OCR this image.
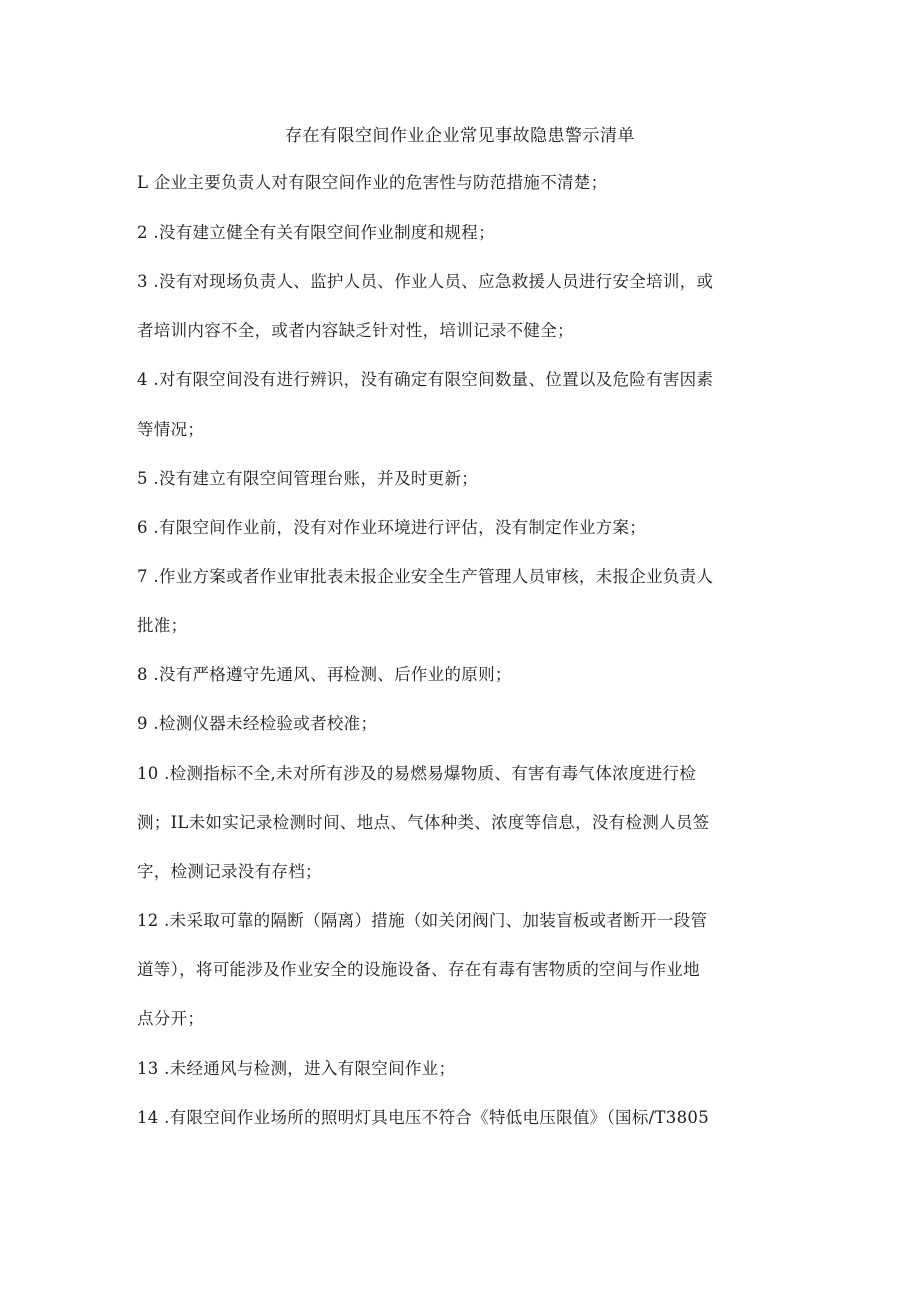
存在有限空间作业企业常见事故隐患警示清单
L 企业主要负责人对有限空间作业的危害性与防范措施不清楚；
2 .没有建立健全有关有限空间作业制度和规程；
3 .没有对现场负责人、监护人员、作业人员、应急救援人员进行安全培训，或
者培训内容不全，或者内容缺乏针对性，培训记录不健全；
4 .对有限空间没有进行辨识，没有确定有限空间数量、位置以及危险有害因素
等情况；
5 .没有建立有限空间管理台账，并及时更新；
6 .有限空间作业前，没有对作业环境进行评估，没有制定作业方案；
7 .作业方案或者作业审批表未报企业安全生产管理人员审核，未报企业负责人
批准；
8 .没有严格遵守先通风、再检测、后作业的原则；
9 .检测仪器未经检验或者校准；
10 .检测指标不全,未对所有涉及的易燃易爆物质、有害有毒气体浓度进行检
测；IL未如实记录检测时间、地点、气体种类、浓度等信息，没有检测人员签
字，检测记录没有存档；
12 .未采取可靠的隔断（隔离）措施（如关闭阀门、加装盲板或者断开一段管
道等），将可能涉及作业安全的设施设备、存在有毒有害物质的空间与作业地
点分开；
13 .未经通风与检测，进入有限空间作业；
14 .有限空间作业场所的照明灯具电压不符合《特低电压限值》（国标/T3805
